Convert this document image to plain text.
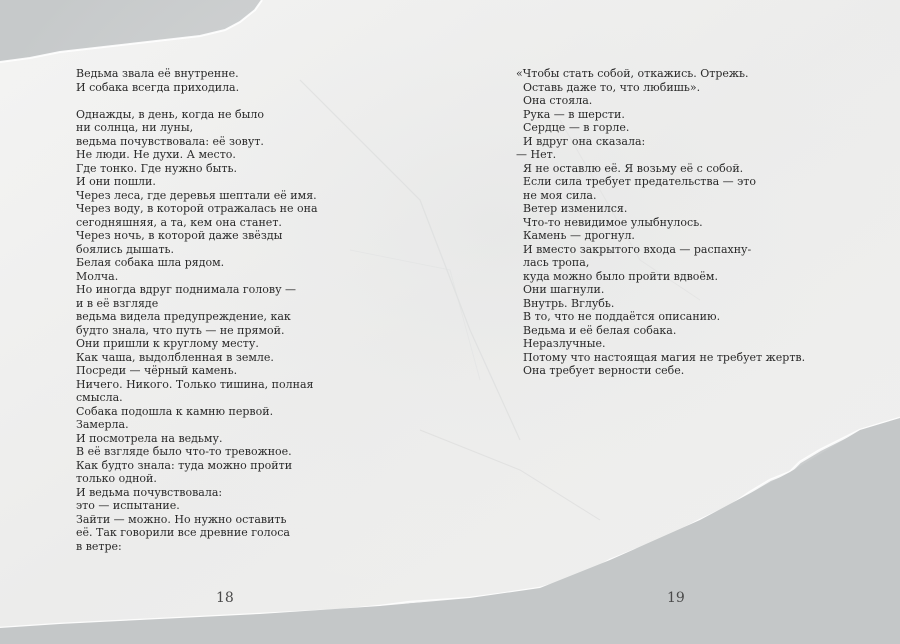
Ведьма звала её внутренне.
И собака всегда приходила.
Однажды, в день, когда не было
ни солнца, ни луны,
ведьма почувствовала: её зовут.
Не люди. Не духи. А место.
Где тонко. Где нужно быть.
И они пошли.
Через леса, где деревья шептали её имя.
Через воду, в которой отражалась не она
сегодняшняя, а та, кем она станет.
Через ночь, в которой даже звёзды
боялись дышать.
Белая собака шла рядом.
Молча.
Но иногда вдруг поднимала голову —
и в её взгляде
ведьма видела предупреждение, как
будто знала, что путь — не прямой.
Они пришли к круглому месту.
Как чаша, выдолбленная в земле.
Посреди — чёрный камень.
Ничего. Никого. Только тишина, полная
смысла.
Собака подошла к камню первой.
Замерла.
И посмотрела на ведьму.
В её взгляде было что-то тревожное.
Как будто знала: туда можно пройти
только одной.
И ведьма почувствовала:
это — испытание.
Зайти — можно. Но нужно оставить
её. Так говорили все древние голоса
в ветре:
«Чтобы стать собой, откажись. Отрежь.
Оставь даже то, что любишь».
Она стояла.
Рука — в шерсти.
Сердце — в горле.
И вдруг она сказала:
— Нет.
Я не оставлю её. Я возьму её с собой.
Если сила требует предательства — это
не моя сила.
Ветер изменился.
Что-то невидимое улыбнулось.
Камень — дрогнул.
И вместо закрытого входа — распахну-
лась тропа,
куда можно было пройти вдвоём.
Они шагнули.
Внутрь. Вглубь.
В то, что не поддаётся описанию.
Ведьма и её белая собака.
Неразлучные.
Потому что настоящая магия не требует жертв.
Она требует верности себе.
18	19
